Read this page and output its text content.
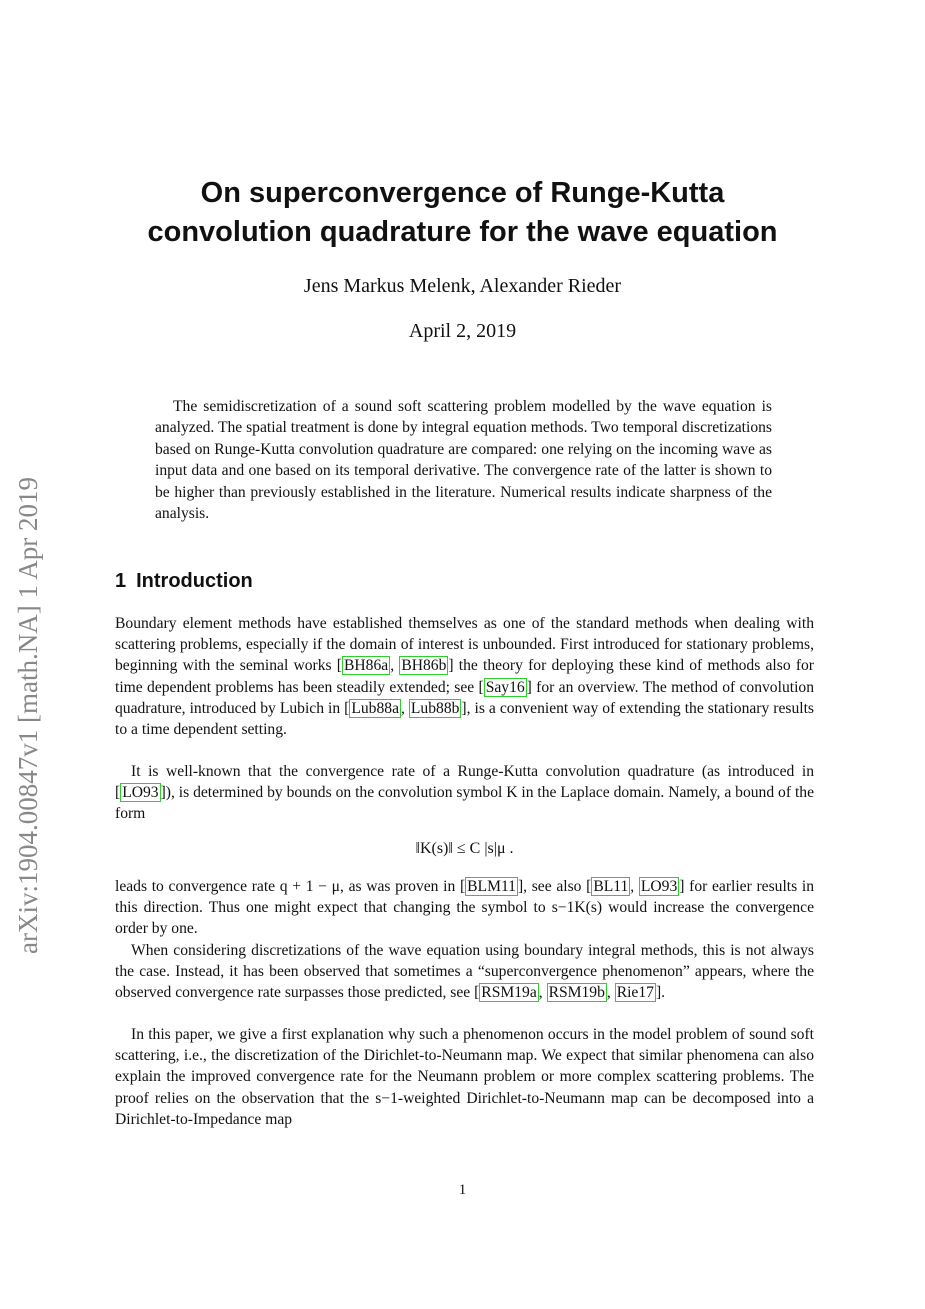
arXiv:1904.00847v1 [math.NA] 1 Apr 2019
On superconvergence of Runge-Kutta
convolution quadrature for the wave equation
Jens Markus Melenk, Alexander Rieder
April 2, 2019
The semidiscretization of a sound soft scattering problem modelled by the wave equation is analyzed. The spatial treatment is done by integral equation methods. Two temporal discretizations based on Runge-Kutta convolution quadrature are compared: one relying on the incoming wave as input data and one based on its temporal derivative. The convergence rate of the latter is shown to be higher than previously established in the literature. Numerical results indicate sharpness of the analysis.
1 Introduction
Boundary element methods have established themselves as one of the standard methods when dealing with scattering problems, especially if the domain of interest is unbounded. First introduced for stationary problems, beginning with the seminal works [ BH86a , BH86b ] the theory for deploying these kind of methods also for time dependent problems has been steadily extended; see [ Say16 ] for an overview. The method of convolution quadrature, introduced by Lubich in [ Lub88a , Lub88b ], is a convenient way of extending the stationary results to a time dependent setting.
It is well-known that the convergence rate of a Runge-Kutta convolution quadrature (as introduced in [ LO93 ]), is determined by bounds on the convolution symbol K in the Laplace domain. Namely, a bound of the form
‖K(s)‖ ≤ C |s|μ .
leads to convergence rate q + 1 − μ, as was proven in [ BLM11 ], see also [ BL11 , LO93 ] for earlier results in this direction. Thus one might expect that changing the symbol to s−1K(s) would increase the convergence order by one.
When considering discretizations of the wave equation using boundary integral methods, this is not always the case. Instead, it has been observed that sometimes a “superconvergence phenomenon” appears, where the observed convergence rate surpasses those predicted, see [ RSM19a , RSM19b , Rie17 ].
In this paper, we give a first explanation why such a phenomenon occurs in the model problem of sound soft scattering, i.e., the discretization of the Dirichlet-to-Neumann map. We expect that similar phenomena can also explain the improved convergence rate for the Neumann problem or more complex scattering problems. The proof relies on the observation that the s−1-weighted Dirichlet-to-Neumann map can be decomposed into a Dirichlet-to-Impedance map
1
